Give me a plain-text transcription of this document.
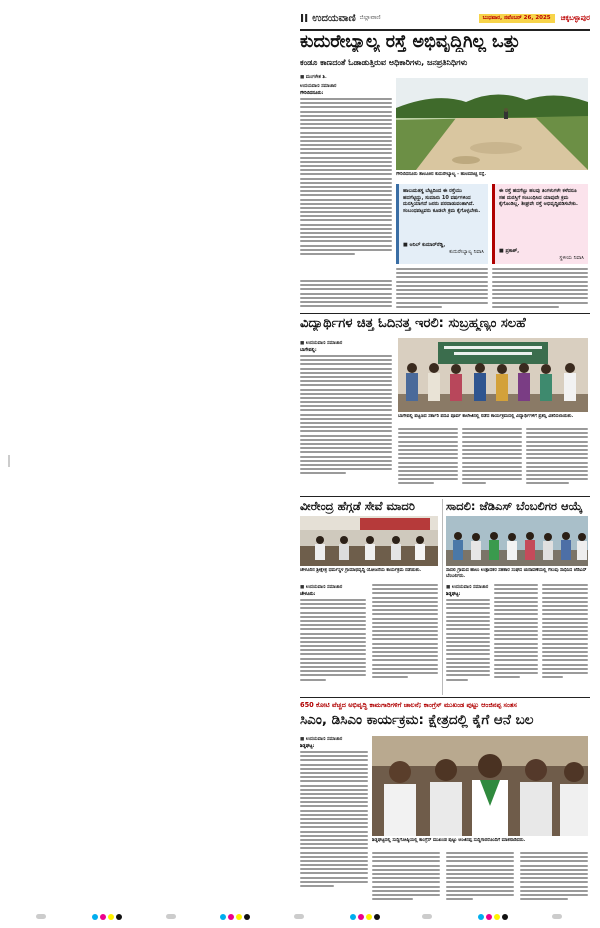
II ಉದಯವಾಣಿ ಜಿಲ್ಲಾವಾಣಿ	ಬುಧವಾರ, ನವೆಂಬರ್ 26, 2025	ಚಿಕ್ಕಬಳ್ಳಾಪುರ
ಕುದುರೇಬ್ಯಾಲ್ಯ ರಸ್ತೆ ಅಭಿವೃದ್ಧಿಗಿಲ್ಲ ಒತ್ತು
ಕಂಡೂ ಕಾಣದಂತೆ ಓಡಾಡುತ್ತಿರುವ ಅಧಿಕಾರಿಗಳು, ಜನಪ್ರತಿನಿಧಿಗಳು
■ ಮಂಗಳೇಶ ಶಿ.
ಉದಯವಾಣಿ ಸಮಾಚಾರ
ಗೌರಿಬಿದನೂರು:
ಗೌರಿಬಿದನೂರು ತಾಲೂಕಿನ ಕುದುರೇಬ್ಯಾಲ್ಯ - ಹುಲಮಾಚ್ಚ ರಸ್ತೆ.
ಹಾಲುಮತಸ್ಥ ಬೆಟ್ಟದಿಂದ ಈ ರಸ್ತೆಯು ಹದಗೆಟ್ಟಿದ್ದು, ಸುಮಾರು 10 ವರ್ಷಗಳಿಂದ ದುರಸ್ತಿಯಾಗದೆ ಜನರು ಪರದಾಡುವಂತಾಗಿದೆ. ಸಂಬಂಧಪಟ್ಟವರು ಕೂಡಲೇ ಕ್ರಮ ಕೈಗೊಳ್ಳಬೇಕು.
■ ಅನಿಲ್ ಕುಮಾರ್‌ರೆಡ್ಡಿ,
ಕುದುರೇಬ್ಯಾಲ್ಯ ನಿವಾಸಿ
ಈ ರಸ್ತೆ ಹದಗೆಟ್ಟು ಹಲವು ತಿಂಗಳುಗಳೇ ಕಳೆದರೂ ಸಹ ದುರಸ್ತಿಗೆ ಸಂಬಂಧಿಸಿದ ಯಾವುದೇ ಕ್ರಮ ಕೈಗೊಂಡಿಲ್ಲ. ಶೀಘ್ರವೇ ರಸ್ತೆ ಅಭಿವೃದ್ಧಿಪಡಿಸಬೇಕು.
■ ಪ್ರಕಾಶ್,
ಸ್ಥಳೀಯ ನಿವಾಸಿ
ವಿದ್ಯಾರ್ಥಿಗಳ ಚಿತ್ತ ಓದಿನತ್ತ ಇರಲಿ: ಸುಬ್ರಹ್ಮಣ್ಯಂ ಸಲಹೆ
■ ಉದಯವಾಣಿ ಸಮಾಚಾರ
ಬಾಗೇಪಲ್ಲಿ:
ಬಾಗೇಪಲ್ಲಿ ಪಟ್ಟಣದ ಸರ್ಕಾರಿ ಪದವಿ ಪೂರ್ವ ಕಾಲೇಜಿನಲ್ಲಿ ನಡೆದ ಕಾರ್ಯಕ್ರಮದಲ್ಲಿ ವಿದ್ಯಾರ್ಥಿಗಳಿಗೆ ಪ್ರಶಸ್ತಿ ವಿತರಿಸಲಾಯಿತು.
ವೀರೇಂದ್ರ ಹೆಗ್ಗಡೆ ಸೇವೆ ಮಾದರಿ
ಚೇಳೂರಿನ ಶ್ರೀಕ್ಷೇತ್ರ ಧರ್ಮಸ್ಥಳ ಗ್ರಾಮಾಭಿವೃದ್ಧಿ ಯೋಜನೆಯ ಕಾರ್ಯಕ್ರಮ ನಡೆಯಿತು.
■ ಉದಯವಾಣಿ ಸಮಾಚಾರ
ಚೇಳೂರು:
ಸಾದಲಿ: ಜೆಡಿಎಸ್ ಬೆಂಬಲಿಗರ ಆಯ್ಕೆ
ಸಾದಲಿ ಗ್ರಾಮದ ಹಾಲು ಉತ್ಪಾದಕರ ಸಹಕಾರ ಸಂಘದ ಚುನಾವಣೆಯಲ್ಲಿ ಗೆಲುವು ಸಾಧಿಸಿದ ಜೆಡಿಎಸ್ ಬೆಂಬಲಿಗರು.
■ ಉದಯವಾಣಿ ಸಮಾಚಾರ
ಶಿಡ್ಲಘಟ್ಟ:
650 ಕೋಟಿ ವೆಚ್ಚದ ಅಭಿವೃದ್ಧಿ ಕಾಮಗಾರಿಗಳಿಗೆ ಚಾಲನೆ; ಕಾಂಗ್ರೆಸ್ ಮುಖಂಡ ಪುಟ್ಟು ಆಂಜಿನಪ್ಪ ಸಂತಸ
ಸಿಎಂ, ಡಿಸಿಎಂ ಕಾರ್ಯಕ್ರಮ: ಕ್ಷೇತ್ರದಲ್ಲಿ ಕೈಗೆ ಆನೆ ಬಲ
■ ಉದಯವಾಣಿ ಸಮಾಚಾರ
ಶಿಡ್ಲಘಟ್ಟ:
ಶಿಡ್ಲಘಟ್ಟದಲ್ಲಿ ಸುದ್ದಿಗೋಷ್ಠಿಯಲ್ಲಿ ಕಾಂಗ್ರೆಸ್ ಮುಖಂಡ ಪುಟ್ಟು ಆಂಜಿನಪ್ಪ ಸುದ್ದಿಗಾರರೊಂದಿಗೆ ಮಾತನಾಡಿದರು.
